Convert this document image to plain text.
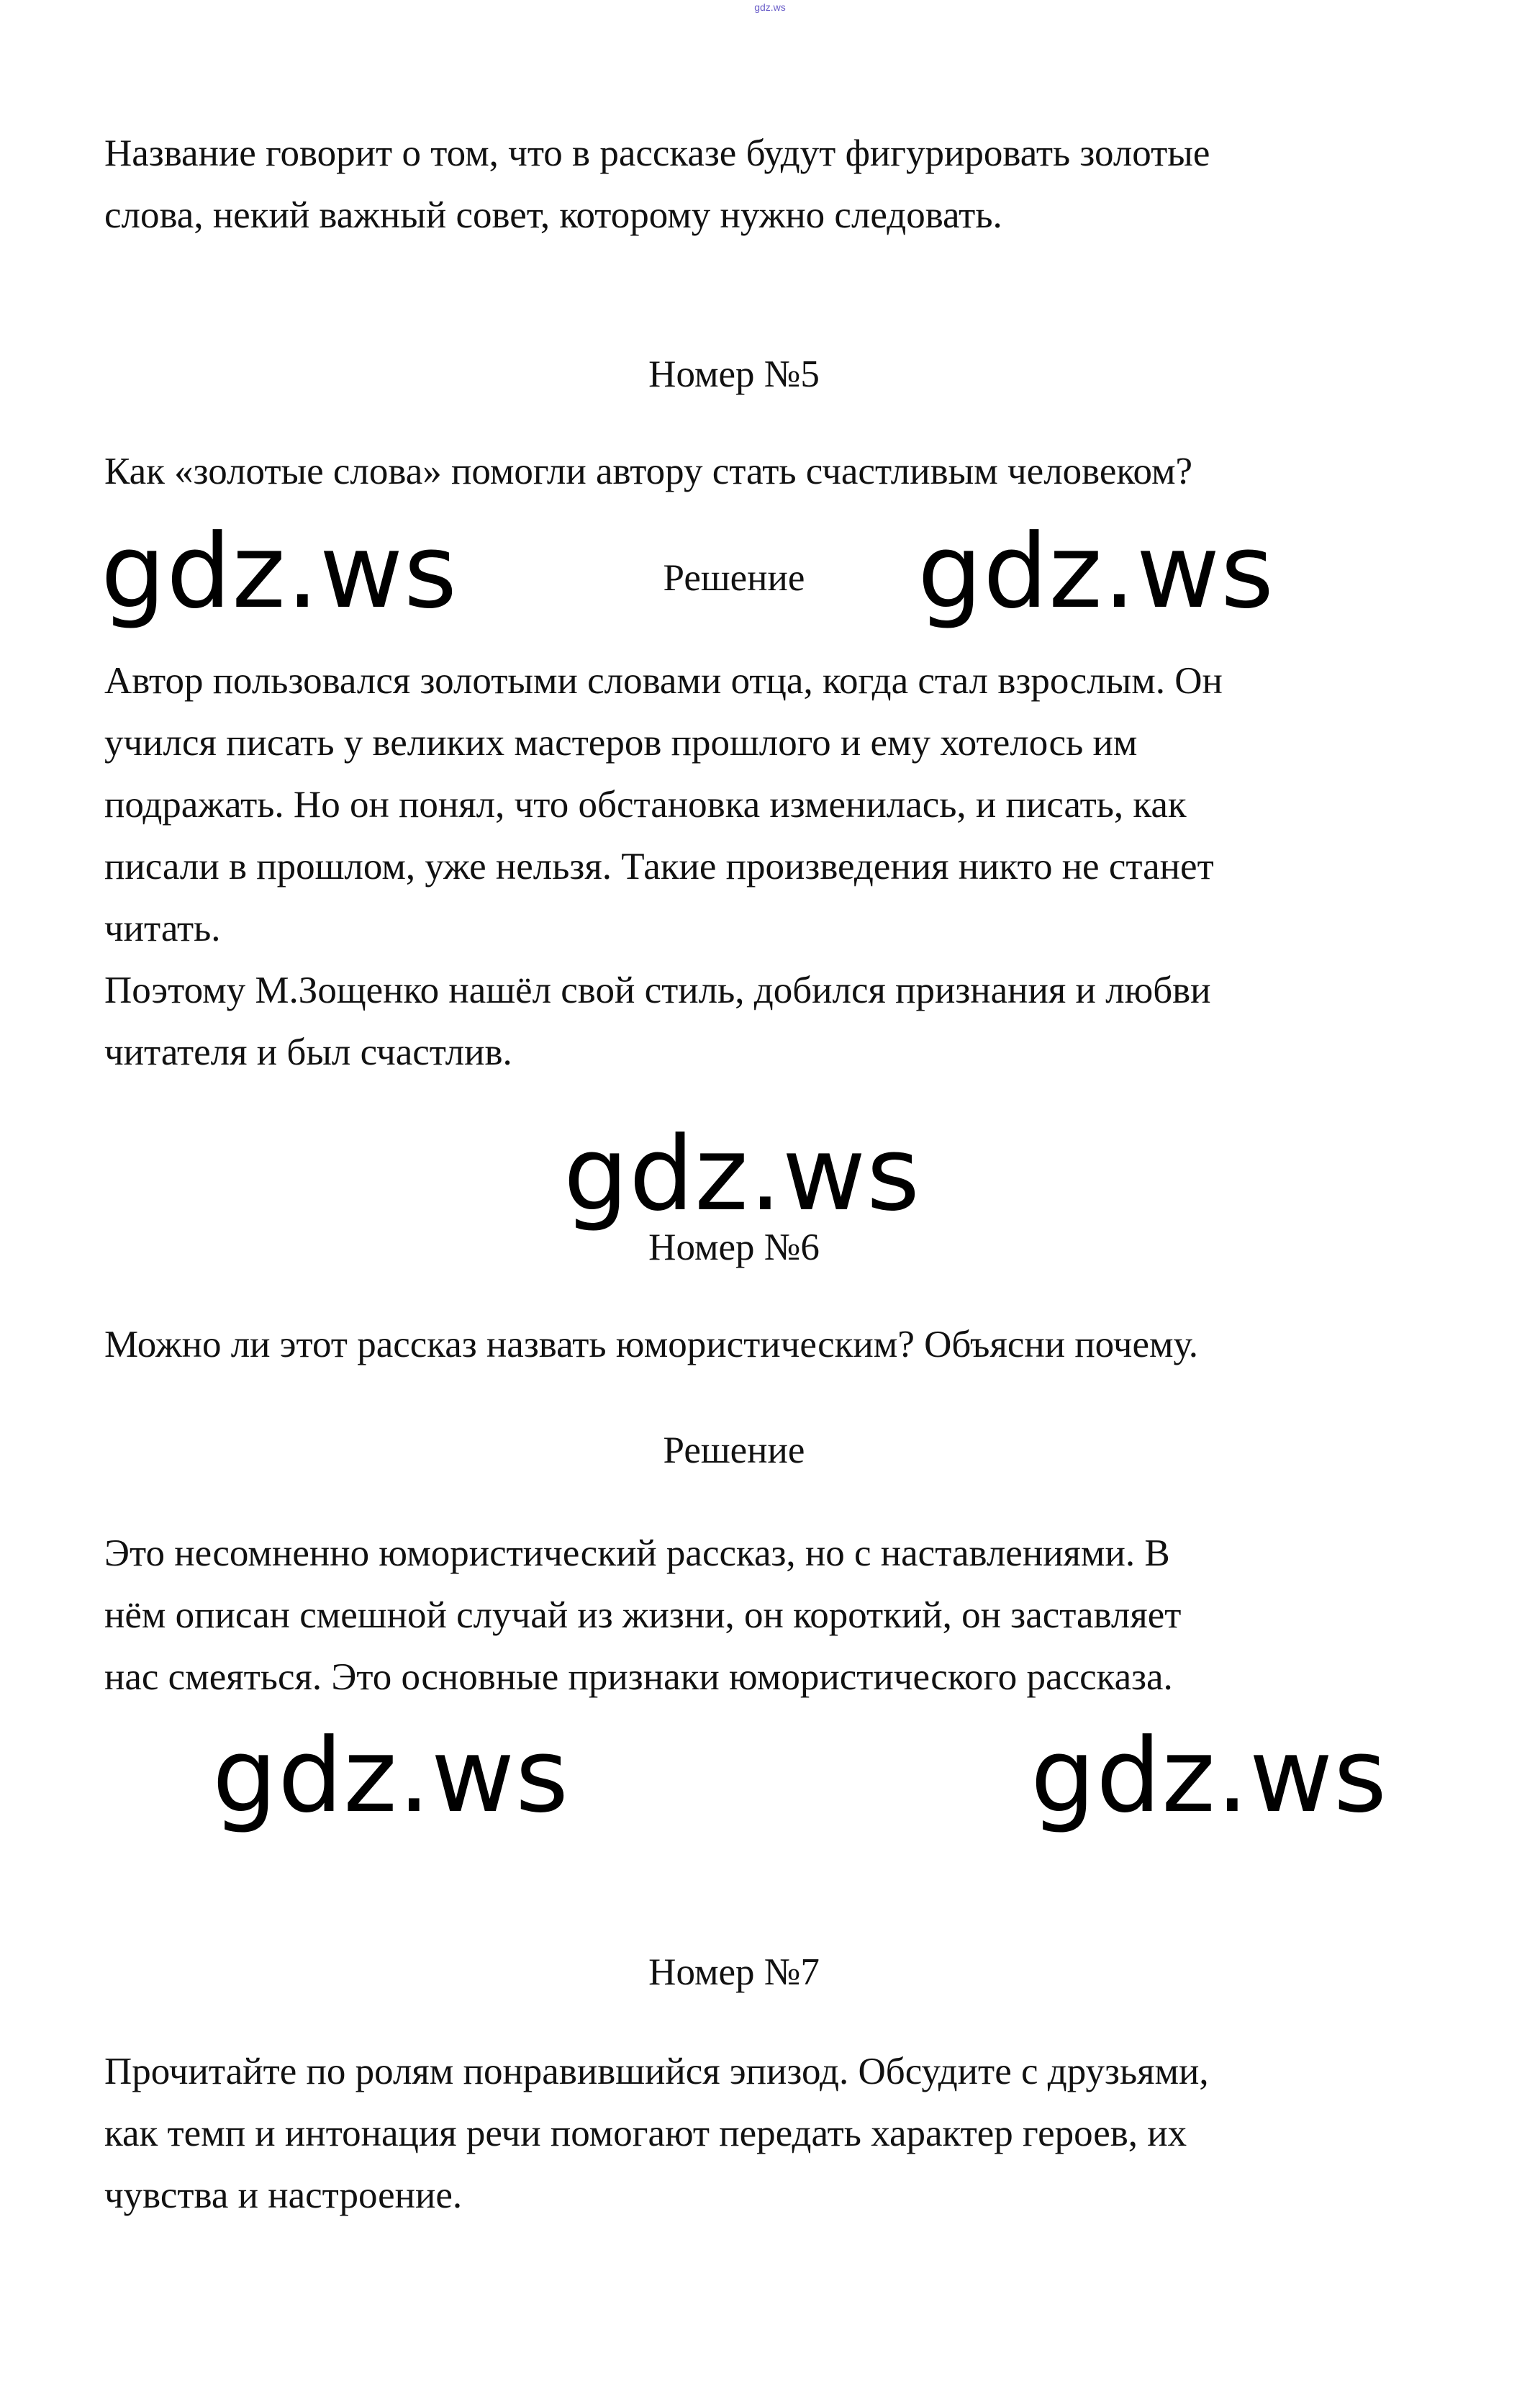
gdz.ws

Название говорит о том, что в рассказе будут фигурировать золотые
слова, некий важный совет, которому нужно следовать.

Номер №5

Как «золотые слова» помогли автору стать счастливым человеком?

gdz.ws	Решение	gdz.ws

Автор пользовался золотыми словами отца, когда стал взрослым. Он
учился писать у великих мастеров прошлого и ему хотелось им
подражать. Но он понял, что обстановка изменилась, и писать, как
писали в прошлом, уже нельзя. Такие произведения никто не станет
читать.
Поэтому М.Зощенко нашёл свой стиль, добился признания и любви
читателя и был счастлив.

gdz.ws
Номер №6

Можно ли этот рассказ назвать юмористическим? Объясни почему.

Решение

Это несомненно юмористический рассказ, но с наставлениями. В
нём описан смешной случай из жизни, он короткий, он заставляет
нас смеяться. Это основные признаки юмористического рассказа.

gdz.ws	gdz.ws
Номер №7

Прочитайте по ролям понравившийся эпизод. Обсудите с друзьями,
как темп и интонация речи помогают передать характер героев, их
чувства и настроение.
